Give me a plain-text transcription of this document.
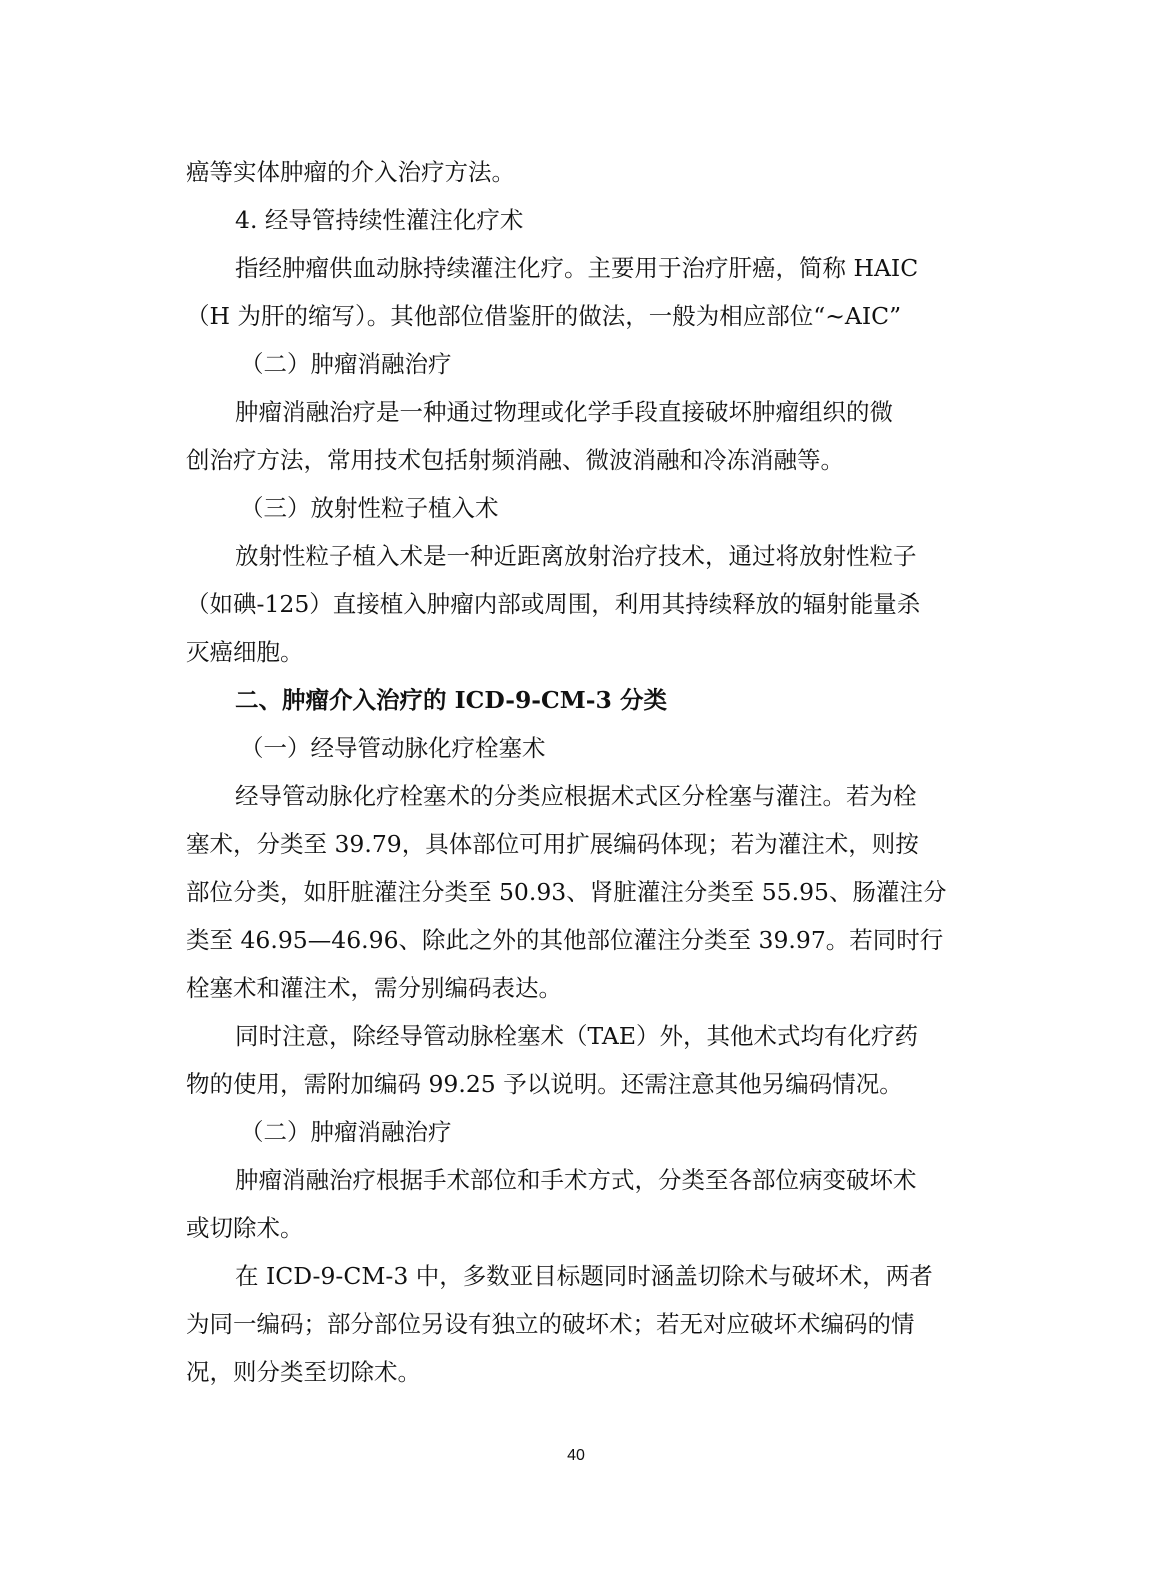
癌等实体肿瘤的介入治疗方法。
4. 经导管持续性灌注化疗术
指经肿瘤供血动脉持续灌注化疗。主要用于治疗肝癌，简称 HAIC
（H 为肝的缩写）。其他部位借鉴肝的做法，一般为相应部位“~AIC”
（二）肿瘤消融治疗
肿瘤消融治疗是一种通过物理或化学手段直接破坏肿瘤组织的微
创治疗方法，常用技术包括射频消融、微波消融和冷冻消融等。
（三）放射性粒子植入术
放射性粒子植入术是一种近距离放射治疗技术，通过将放射性粒子
（如碘-125）直接植入肿瘤内部或周围，利用其持续释放的辐射能量杀
灭癌细胞。
二、肿瘤介入治疗的 ICD-9-CM-3 分类
（一）经导管动脉化疗栓塞术
经导管动脉化疗栓塞术的分类应根据术式区分栓塞与灌注。若为栓
塞术，分类至 39.79，具体部位可用扩展编码体现；若为灌注术，则按
部位分类，如肝脏灌注分类至 50.93、肾脏灌注分类至 55.95、肠灌注分
类至 46.95—46.96、除此之外的其他部位灌注分类至 39.97。若同时行
栓塞术和灌注术，需分别编码表达。
同时注意，除经导管动脉栓塞术（TAE）外，其他术式均有化疗药
物的使用，需附加编码 99.25 予以说明。还需注意其他另编码情况。
（二）肿瘤消融治疗
肿瘤消融治疗根据手术部位和手术方式，分类至各部位病变破坏术
或切除术。
在 ICD-9-CM-3 中，多数亚目标题同时涵盖切除术与破坏术，两者
为同一编码；部分部位另设有独立的破坏术；若无对应破坏术编码的情
况，则分类至切除术。
40
